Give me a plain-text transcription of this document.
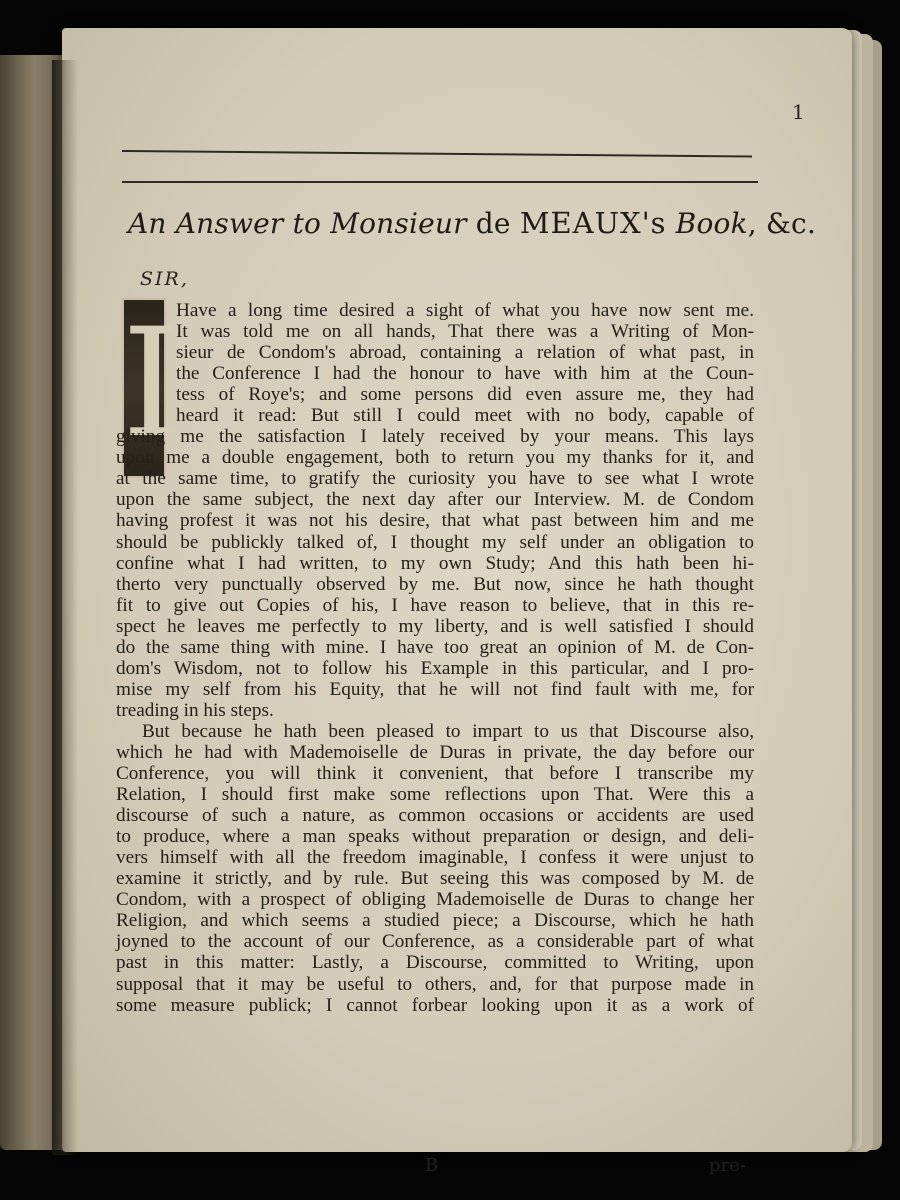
1
An Answer to Monsieur de MEAUX's Book, &c.
SIR,
I
Have a long time desired a sight of what you have now sent me.
It was told me on all hands, That there was a Writing of Mon-
sieur de Condom's abroad, containing a relation of what past, in
the Conference I had the honour to have with him at the Coun-
tess of Roye's; and some persons did even assure me, they had
heard it read: But still I could meet with no body, capable of
giving me the satisfaction I lately received by your means. This lays
upon me a double engagement, both to return you my thanks for it, and
at the same time, to gratify the curiosity you have to see what I wrote
upon the same subject, the next day after our Interview. M. de Condom
having profest it was not his desire, that what past between him and me
should be publickly talked of, I thought my self under an obligation to
confine what I had written, to my own Study; And this hath been hi-
therto very punctually observed by me. But now, since he hath thought
fit to give out Copies of his, I have reason to believe, that in this re-
spect he leaves me perfectly to my liberty, and is well satisfied I should
do the same thing with mine. I have too great an opinion of M. de Con-
dom's Wisdom, not to follow his Example in this particular, and I pro-
mise my self from his Equity, that he will not find fault with me, for
treading in his steps.
But because he hath been pleased to impart to us that Discourse also,
which he had with Mademoiselle de Duras in private, the day before our
Conference, you will think it convenient, that before I transcribe my
Relation, I should first make some reflections upon That. Were this a
discourse of such a nature, as common occasions or accidents are used
to produce, where a man speaks without preparation or design, and deli-
vers himself with all the freedom imaginable, I confess it were unjust to
examine it strictly, and by rule. But seeing this was composed by M. de
Condom, with a prospect of obliging Mademoiselle de Duras to change her
Religion, and which seems a studied piece; a Discourse, which he hath
joyned to the account of our Conference, as a considerable part of what
past in this matter: Lastly, a Discourse, committed to Writing, upon
supposal that it may be useful to others, and, for that purpose made in
some measure publick; I cannot forbear looking upon it as a work of
B	pre-
